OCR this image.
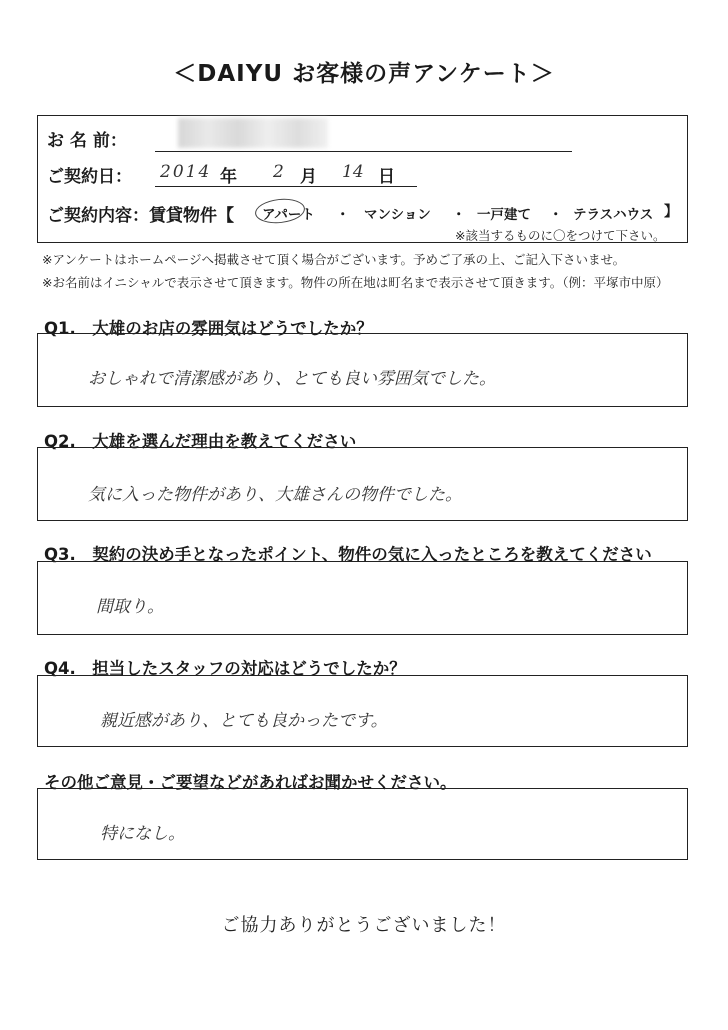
＜DAIYU お客様の声アンケート＞
お 名 前：
ご契約日： 2014 年 2 月 14 日
ご契約内容：賃貸物件【 アパート ・ マンション ・ 一戸建て ・ テラスハウス 】
※該当するものに〇をつけて下さい。
※アンケートはホームページへ掲載させて頂く場合がございます。予めご了承の上、ご記入下さいませ。
※お名前はイニシャルで表示させて頂きます。物件の所在地は町名まで表示させて頂きます。（例：平塚市中原）
Q1.　大雄のお店の雰囲気はどうでしたか？
おしゃれで清潔感があり、とても良い雰囲気でした。
Q2.　大雄を選んだ理由を教えてください
気に入った物件があり、大雄さんの物件でした。
Q3.　契約の決め手となったポイント、物件の気に入ったところを教えてください
間取り。
Q4.　担当したスタッフの対応はどうでしたか？
親近感があり、とても良かったです。
その他ご意見・ご要望などがあればお聞かせください。
特になし。
ご協力ありがとうございました！
